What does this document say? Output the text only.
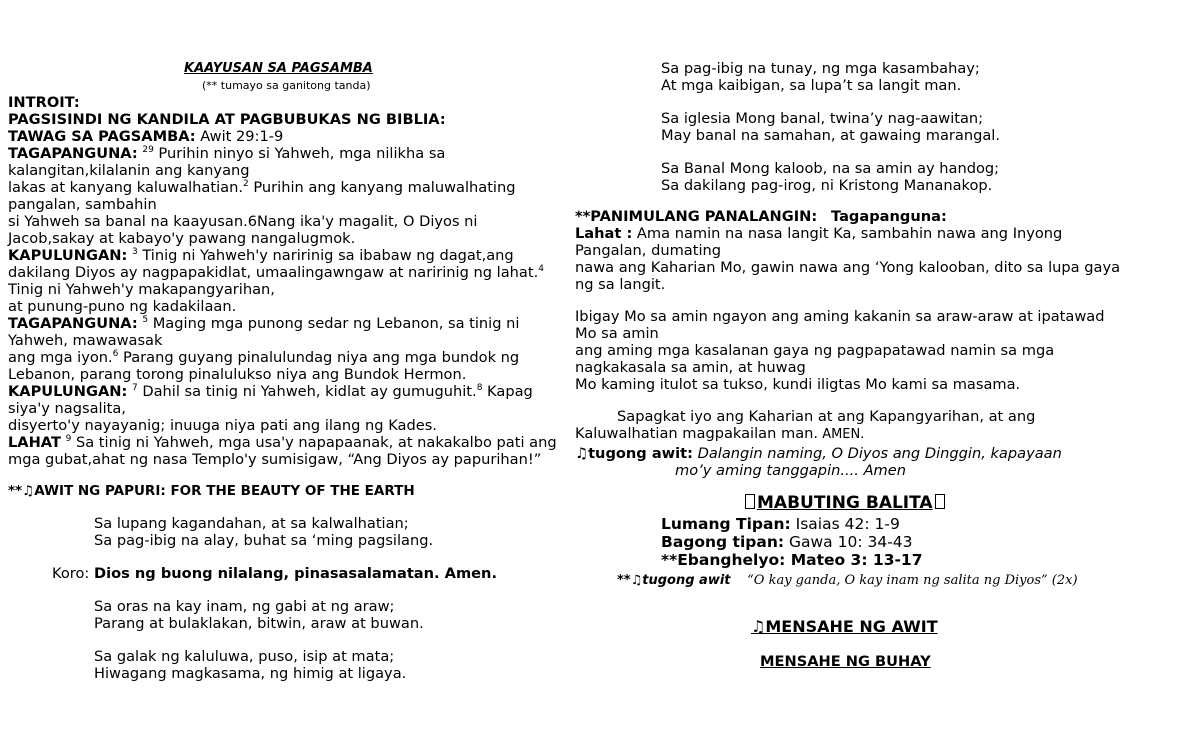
KAAYUSAN SA PAGSAMBA
(** tumayo sa ganitong tanda)
INTROIT:
PAGSISINDI NG KANDILA AT PAGBUBUKAS NG BIBLIA:
TAWAG SA PAGSAMBA: Awit 29:1-9
TAGAPANGUNA: $^{29}$ Purihin ninyo si Yahweh, mga nilikha sa
kalangitan,kilalanin ang kanyang
lakas at kanyang kaluwalhatian.$^2$ Purihin ang kanyang maluwalhating
pangalan, sambahin
si Yahweh sa banal na kaayusan.6Nang ika'y magalit, O Diyos ni
Jacob,sakay at kabayo'y pawang nangalugmok.
KAPULUNGAN: $^3$ Tinig ni Yahweh'y naririnig sa ibabaw ng dagat,ang
dakilang Diyos ay nagpapakidlat, umaalingawngaw at naririnig ng lahat.$^4$
Tinig ni Yahweh'y makapangyarihan,
at punung-puno ng kadakilaan.
TAGAPANGUNA: $^5$ Maging mga punong sedar ng Lebanon, sa tinig ni
Yahweh, mawawasak
ang mga iyon.$^6$ Parang guyang pinalulundag niya ang mga bundok ng
Lebanon, parang torong pinalulukso niya ang Bundok Hermon.
KAPULUNGAN: $^7$ Dahil sa tinig ni Yahweh, kidlat ay gumuguhit.$^8$ Kapag
siya'y nagsalita,
disyerto'y nayayanig; inuuga niya pati ang ilang ng Kades.
LAHAT $^9$ Sa tinig ni Yahweh, mga usa'y napapaanak, at nakakalbo pati ang
mga gubat,ahat ng nasa Templo'y sumisigaw, “Ang Diyos ay papurihan!”
**♫AWIT NG PAPURI: FOR THE BEAUTY OF THE EARTH
Sa lupang kagandahan, at sa kalwalhatian;
Sa pag-ibig na alay, buhat sa ‘ming pagsilang.
Koro: Dios ng buong nilalang, pinasasalamatan. Amen.
Sa oras na kay inam, ng gabi at ng araw;
Parang at bulaklakan, bitwin, araw at buwan.
Sa galak ng kaluluwa, puso, isip at mata;
Hiwagang magkasama, ng himig at ligaya.
Sa pag-ibig na tunay, ng mga kasambahay;
At mga kaibigan, sa lupa’t sa langit man.
Sa iglesia Mong banal, twina’y nag-aawitan;
May banal na samahan, at gawaing marangal.
Sa Banal Mong kaloob, na sa amin ay handog;
Sa dakilang pag-irog, ni Kristong Mananakop.
**PANIMULANG PANALANGIN: Tagapanguna:
Lahat : Ama namin na nasa langit Ka, sambahin nawa ang Inyong
Pangalan, dumating
nawa ang Kaharian Mo, gawin nawa ang ‘Yong kalooban, dito sa lupa gaya
ng sa langit.
Ibigay Mo sa amin ngayon ang aming kakanin sa araw-araw at ipatawad
Mo sa amin
ang aming mga kasalanan gaya ng pagpapatawad namin sa mga
nagkakasala sa amin, at huwag
Mo kaming itulot sa tukso, kundi iligtas Mo kami sa masama.
Sapagkat iyo ang Kaharian at ang Kapangyarihan, at ang
Kaluwalhatian magpakailan man. AMEN.
♫tugong awit: Dalangin naming, O Diyos ang Dinggin, kapayaan
mo’y aming tanggapin.... Amen
MABUTING BALITA
Lumang Tipan: Isaias 42: 1-9
Bagong tipan: Gawa 10: 34-43
**Ebanghelyo: Mateo 3: 13-17
**♫tugong awit “O kay ganda, O kay inam ng salita ng Diyos” (2x)
♫MENSAHE NG AWIT
MENSAHE NG BUHAY
